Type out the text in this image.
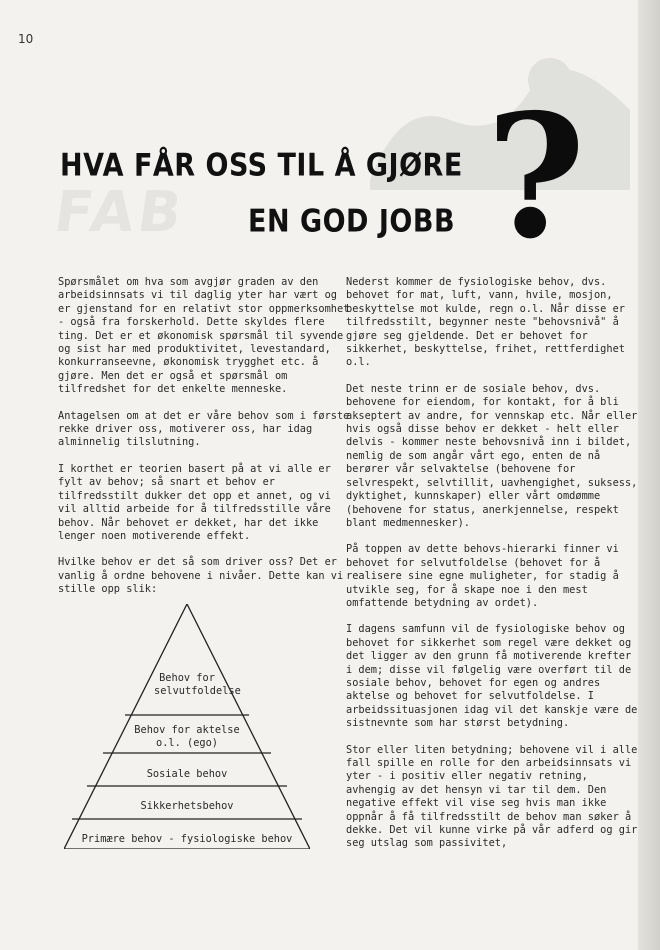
10
FAB
HVA FÅR OSS TIL Å GJØRE
EN GOD JOBB ?

Spørsmålet om hva som avgjør graden av den arbeidsinnsats vi til daglig yter har vært og er gjenstand for en relativt stor oppmerksomhet - også fra forskerhold. Dette skyldes flere ting. Det er et økonomisk spørsmål til syvende og sist har med produktivitet, levestandard, konkurranseevne, økonomisk trygghet etc. å gjøre. Men det er også et spørsmål om tilfredshet for det enkelte menneske.

Antagelsen om at det er våre behov som i første rekke driver oss, motiverer oss, har idag alminnelig tilslutning.

I korthet er teorien basert på at vi alle er fylt av behov; så snart et behov er tilfredsstilt dukker det opp et annet, og vi vil alltid arbeide for å tilfredsstille våre behov. Når behovet er dekket, har det ikke lenger noen motiverende effekt.

Hvilke behov er det så som driver oss? Det er vanlig å ordne behovene i nivåer. Dette kan vi stille opp slik:

Behov for selvutfoldelse
Behov for aktelse o.l. (ego)
Sosiale behov
Sikkerhetsbehov
Primære behov - fysiologiske behov

Nederst kommer de fysiologiske behov, dvs. behovet for mat, luft, vann, hvile, mosjon, beskyttelse mot kulde, regn o.l. Når disse er tilfredsstilt, begynner neste "behovsnivå" å gjøre seg gjeldende. Det er behovet for sikkerhet, beskyttelse, frihet, rettferdighet o.l.

Det neste trinn er de sosiale behov, dvs. behovene for eiendom, for kontakt, for å bli akseptert av andre, for vennskap etc. Når eller hvis også disse behov er dekket - helt eller delvis - kommer neste behovsnivå inn i bildet, nemlig de som angår vårt ego, enten de nå berører vår selvaktelse (behovene for selvrespekt, selvtillit, uavhengighet, suksess, dyktighet, kunnskaper) eller vårt omdømme (behovene for status, anerkjennelse, respekt blant medmennesker).

På toppen av dette behovs-hierarki finner vi behovet for selvutfoldelse (behovet for å realisere sine egne muligheter, for stadig å utvikle seg, for å skape noe i den mest omfattende betydning av ordet).

I dagens samfunn vil de fysiologiske behov og behovet for sikkerhet som regel være dekket og det ligger av den grunn få motiverende krefter i dem; disse vil følgelig være overført til de sosiale behov, behovet for egen og andres aktelse og behovet for selvutfoldelse. I arbeidssituasjonen idag vil det kanskje være de sistnevnte som har størst betydning.

Stor eller liten betydning; behovene vil i alle fall spille en rolle for den arbeidsinnsats vi yter - i positiv eller negativ retning, avhengig av det hensyn vi tar til dem. Den negative effekt vil vise seg hvis man ikke oppnår å få tilfredsstilt de behov man søker å dekke. Det vil kunne virke på vår adferd og gir seg utslag som passivitet,
